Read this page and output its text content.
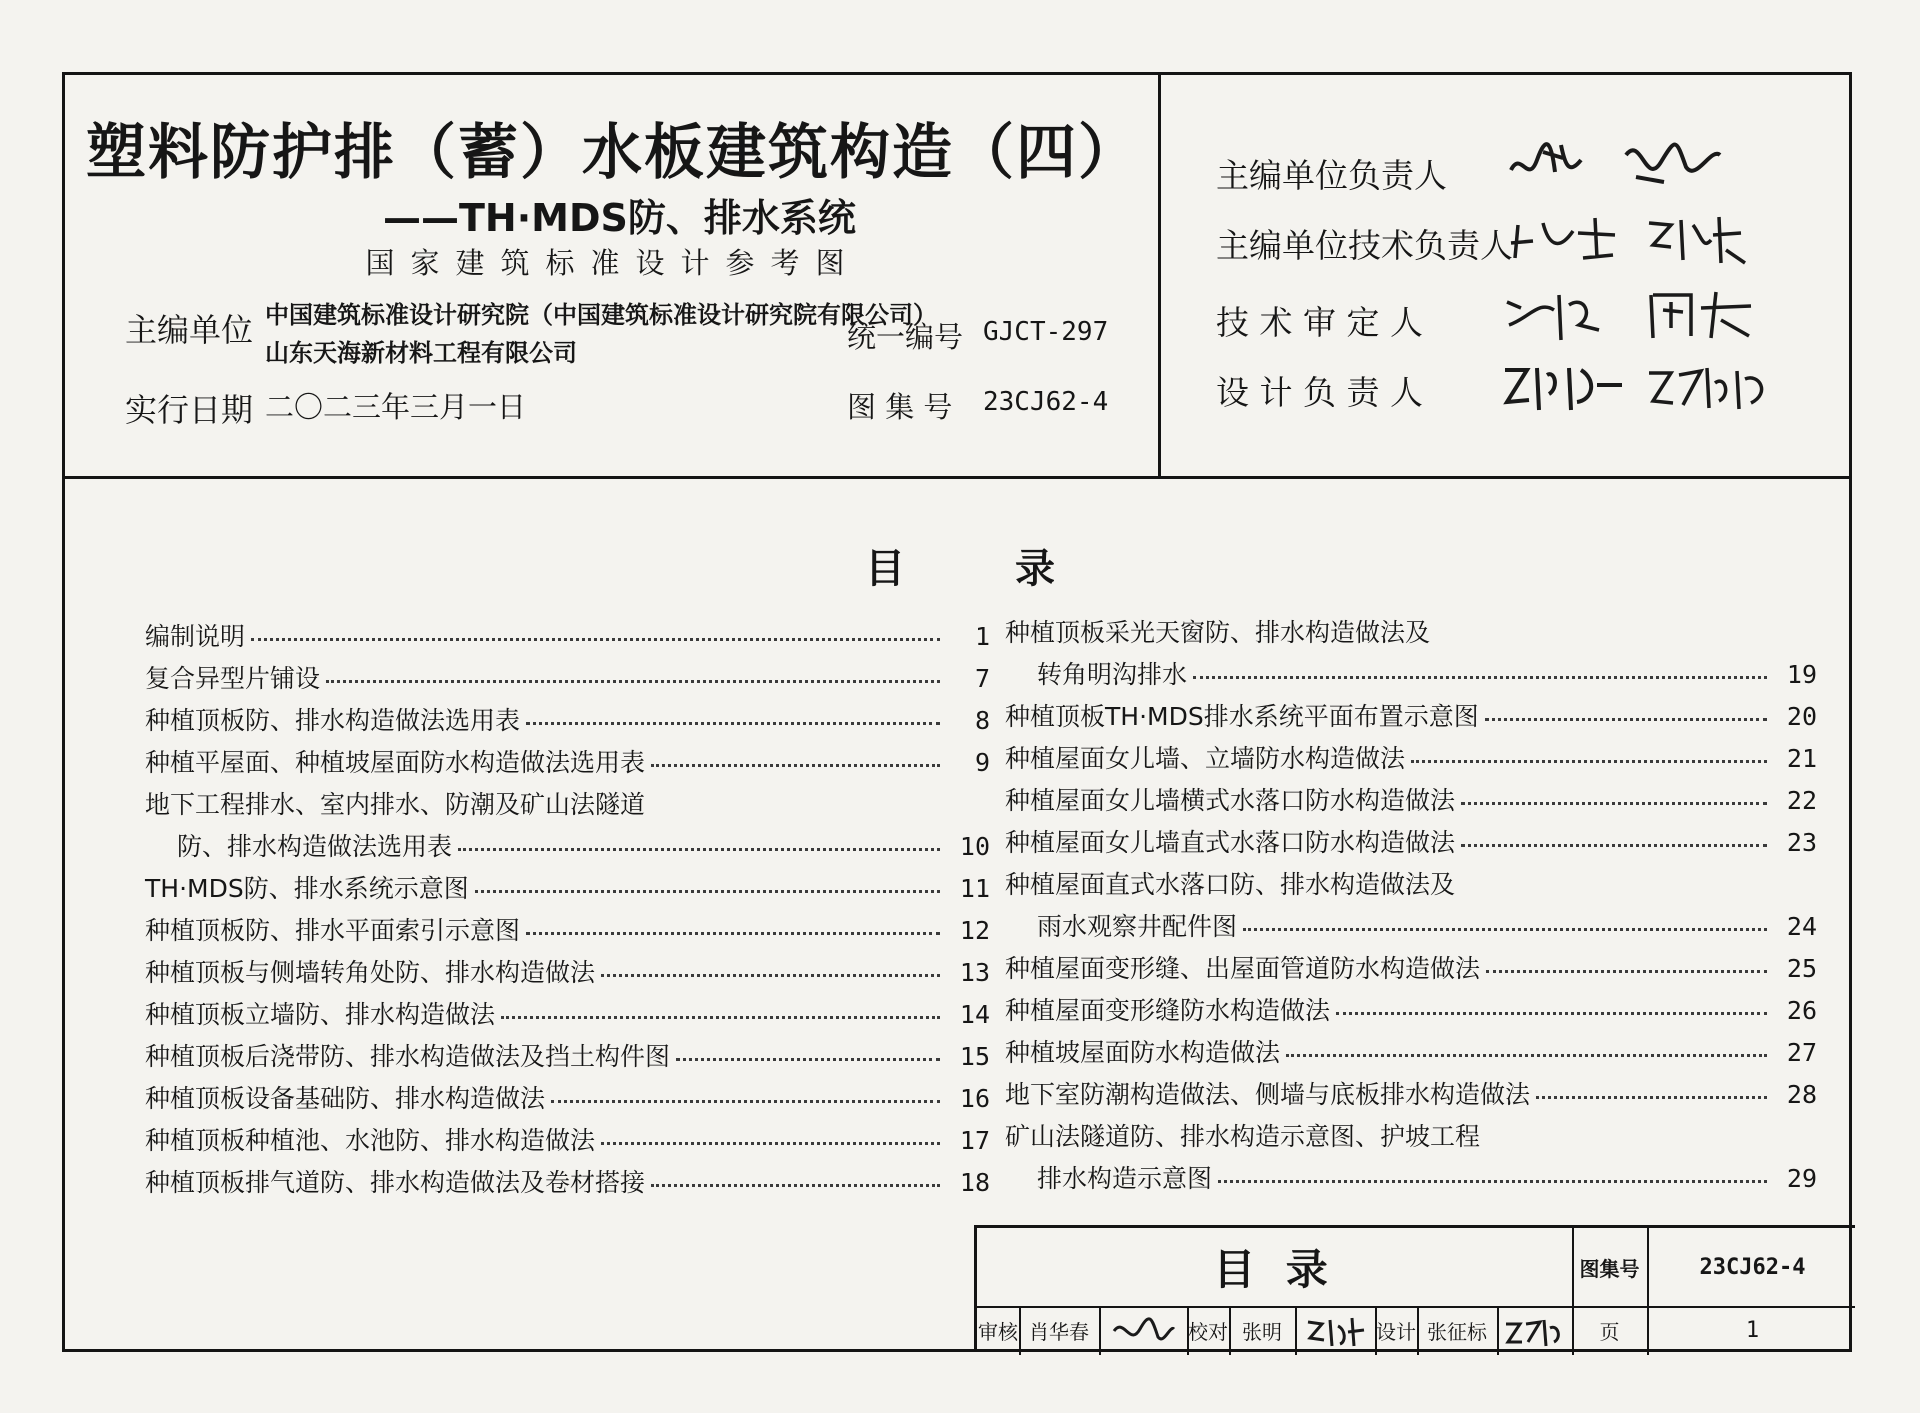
塑料防护排（蓄）水板建筑构造（四）
——TH·MDS防、排水系统
国家建筑标准设计参考图
主编单位 中国建筑标准设计研究院（中国建筑标准设计研究院有限公司）
山东天海新材料工程有限公司	统一编号 GJCT-297
实行日期 二〇二三年三月一日	图 集 号 23CJ62-4
主编单位负责人
主编单位技术负责人
技 术 审 定 人
设 计 负 责 人
目	录
编制说明	1
复合异型片铺设	7
种植顶板防、排水构造做法选用表	8
种植平屋面、种植坡屋面防水构造做法选用表	9
地下工程排水、室内排水、防潮及矿山法隧道
防、排水构造做法选用表	10
TH·MDS防、排水系统示意图	11
种植顶板防、排水平面索引示意图	12
种植顶板与侧墙转角处防、排水构造做法	13
种植顶板立墙防、排水构造做法	14
种植顶板后浇带防、排水构造做法及挡土构件图	15
种植顶板设备基础防、排水构造做法	16
种植顶板种植池、水池防、排水构造做法	17
种植顶板排气道防、排水构造做法及卷材搭接	18
种植顶板采光天窗防、排水构造做法及
转角明沟排水	19
种植顶板TH·MDS排水系统平面布置示意图	20
种植屋面女儿墙、立墙防水构造做法	21
种植屋面女儿墙横式水落口防水构造做法	22
种植屋面女儿墙直式水落口防水构造做法	23
种植屋面直式水落口防、排水构造做法及
雨水观察井配件图	24
种植屋面变形缝、出屋面管道防水构造做法	25
种植屋面变形缝防水构造做法	26
种植坡屋面防水构造做法	27
地下室防潮构造做法、侧墙与底板排水构造做法	28
矿山法隧道防、排水构造示意图、护坡工程
排水构造示意图	29
目 录	图集号	23CJ62-4
审核 肖华春	校对 张明	设计 张征标	页	1
